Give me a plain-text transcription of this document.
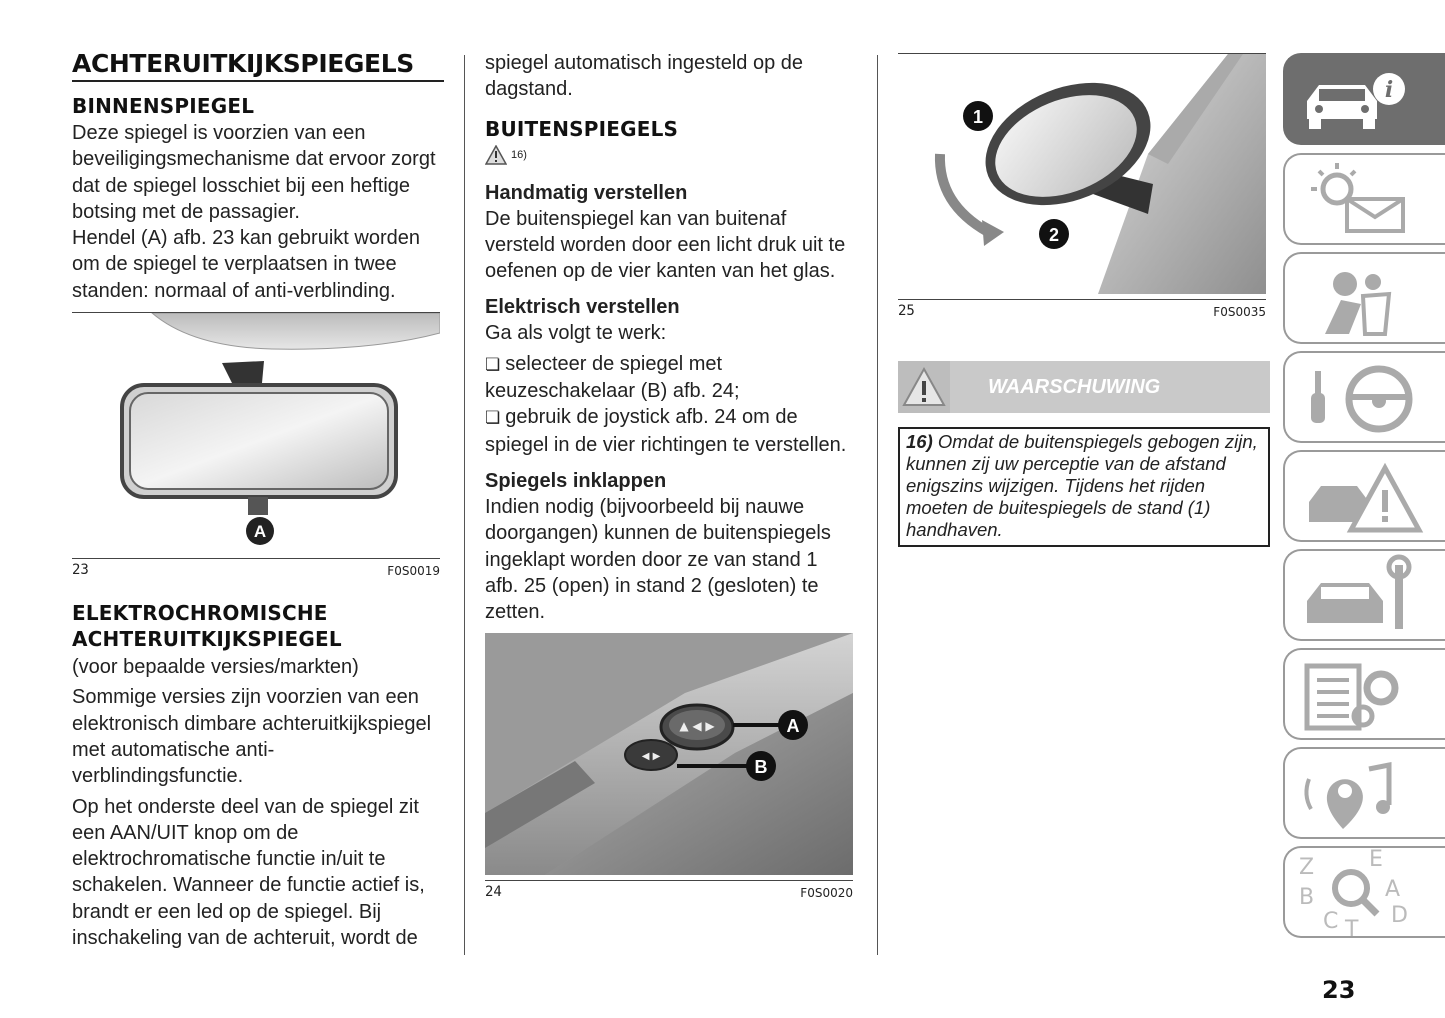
ACHTERUITKIJKSPIEGELS
BINNENSPIEGEL

Deze spiegel is voorzien van een beveiligingsmechanisme dat ervoor zorgt dat de spiegel losschiet bij een heftige botsing met de passagier.

Hendel (A) afb. 23 kan gebruikt worden om de spiegel te verplaatsen in twee standen: normaal of anti-verblinding.

A
23	F0S0019
ELEKTROCHROMISCHE
ACHTERUITKIJKSPIEGEL

(voor bepaalde versies/markten)

Sommige versies zijn voorzien van een elektronisch dimbare achteruitkijkspiegel met automatische anti-verblindingsfunctie.

Op het onderste deel van de spiegel zit een AAN/UIT knop om de elektrochromatische functie in/uit te schakelen. Wanneer de functie actief is, brandt er een led op de spiegel. Bij inschakeling van de achteruit, wordt de

spiegel automatisch ingesteld op de dagstand.

BUITENSPIEGELS
16)
Handmatig verstellen

De buitenspiegel kan van buitenaf versteld worden door een licht druk uit te oefenen op de vier kanten van het glas.

Elektrisch verstellen

Ga als volgt te werk:

❏ selecteer de spiegel met keuzeschakelaar (B) afb. 24;

❏ gebruik de joystick afb. 24 om de spiegel in de vier richtingen te verstellen.

Spiegels inklappen

Indien nodig (bijvoorbeeld bij nauwe doorgangen) kunnen de buitenspiegels ingeklapt worden door ze van stand 1 afb. 25 (open) in stand 2 (gesloten) te zetten.

▲ ◀ ▶
◀ ▶
A
B
24	F0S0020
1
2
25	F0S0035
WAARSCHUWING
16) Omdat de buitenspiegels gebogen zijn, kunnen zij uw perceptie van de afstand enigszins wijzigen. Tijdens het rijden moeten de buitespiegels de stand (1) handhaven.
i
Z E
B	A
C T
D
23
